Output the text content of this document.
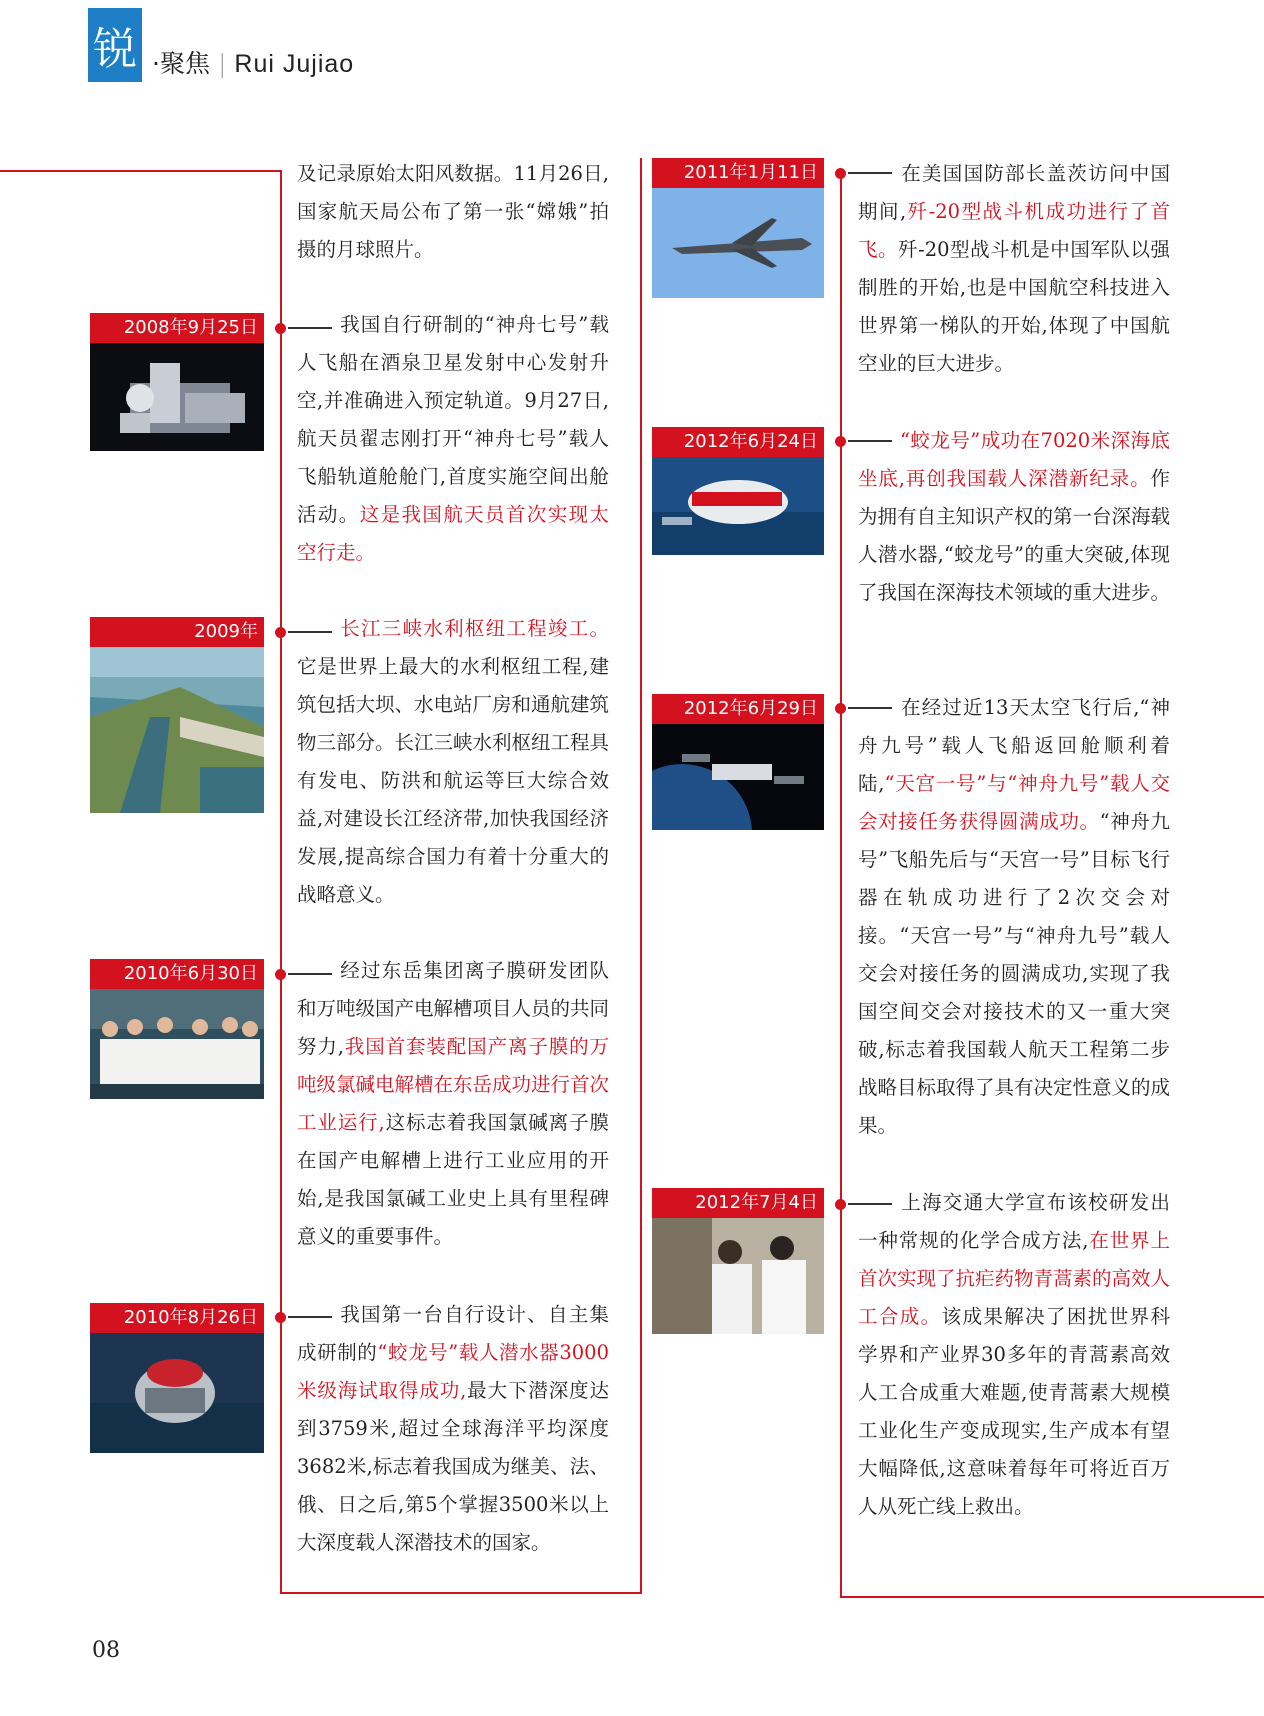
锐 ·聚焦 | Rui Jujiao
2008年9月25日
2009年
2010年6月30日
2010年8月26日
及记录原始太阳风数据。11月26日,国家航天局公布了第一张“嫦娥”拍摄的月球照片。
我国自行研制的“神舟七号”载人飞船在酒泉卫星发射中心发射升空,并准确进入预定轨道。9月27日,航天员翟志刚打开“神舟七号”载人飞船轨道舱舱门,首度实施空间出舱活动。这是我国航天员首次实现太空行走。
长江三峡水利枢纽工程竣工。它是世界上最大的水利枢纽工程,建筑包括大坝、水电站厂房和通航建筑物三部分。长江三峡水利枢纽工程具有发电、防洪和航运等巨大综合效益,对建设长江经济带,加快我国经济发展,提高综合国力有着十分重大的战略意义。
经过东岳集团离子膜研发团队和万吨级国产电解槽项目人员的共同努力,我国首套装配国产离子膜的万吨级氯碱电解槽在东岳成功进行首次工业运行,这标志着我国氯碱离子膜在国产电解槽上进行工业应用的开始,是我国氯碱工业史上具有里程碑意义的重要事件。
我国第一台自行设计、自主集成研制的“蛟龙号”载人潜水器3000米级海试取得成功,最大下潜深度达到3759米,超过全球海洋平均深度3682米,标志着我国成为继美、法、俄、日之后,第5个掌握3500米以上大深度载人深潜技术的国家。
2011年1月11日
2012年6月24日
2012年6月29日
2012年7月4日
在美国国防部长盖茨访问中国期间,歼-20型战斗机成功进行了首飞。歼-20型战斗机是中国军队以强制胜的开始,也是中国航空科技进入世界第一梯队的开始,体现了中国航空业的巨大进步。
“蛟龙号”成功在7020米深海底坐底,再创我国载人深潜新纪录。作为拥有自主知识产权的第一台深海载人潜水器,“蛟龙号”的重大突破,体现了我国在深海技术领域的重大进步。
在经过近13天太空飞行后,“神舟九号”载人飞船返回舱顺利着陆,“天宫一号”与“神舟九号”载人交会对接任务获得圆满成功。“神舟九号”飞船先后与“天宫一号”目标飞行器在轨成功进行了2次交会对接。“天宫一号”与“神舟九号”载人交会对接任务的圆满成功,实现了我国空间交会对接技术的又一重大突破,标志着我国载人航天工程第二步战略目标取得了具有决定性意义的成果。
上海交通大学宣布该校研发出一种常规的化学合成方法,在世界上首次实现了抗疟药物青蒿素的高效人工合成。该成果解决了困扰世界科学界和产业界30多年的青蒿素高效人工合成重大难题,使青蒿素大规模工业化生产变成现实,生产成本有望大幅降低,这意味着每年可将近百万人从死亡线上救出。
08
